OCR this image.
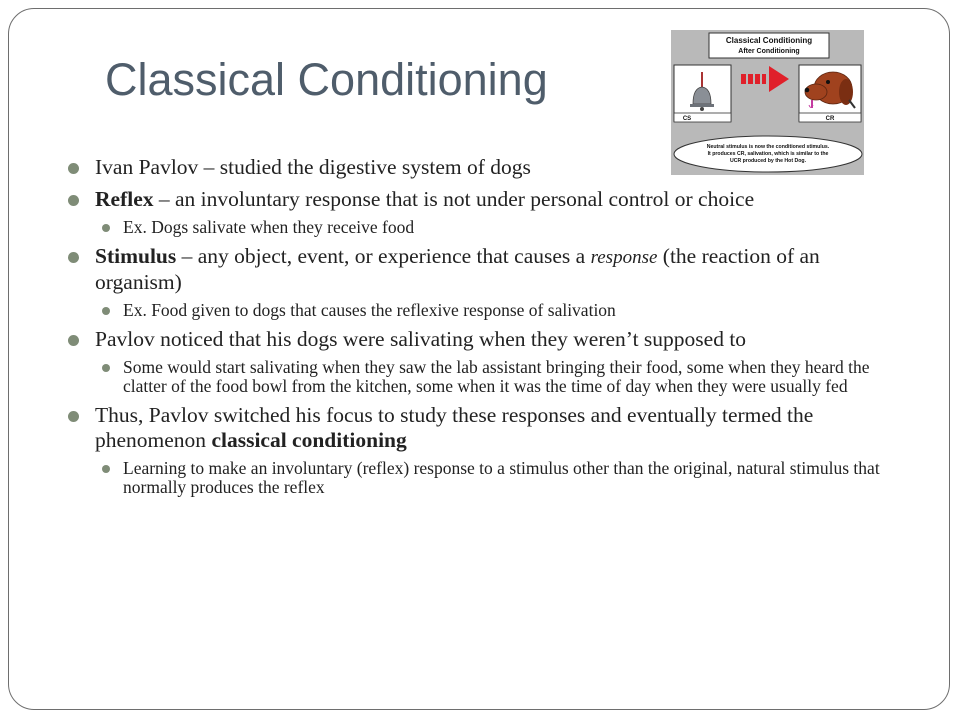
Classical Conditioning
Classical Conditioning
After Conditioning
CS	CR
Neutral stimulus is now the conditioned stimulus.
It produces CR, salivation, which is similar to the
UCR produced by the Hot Dog.
Ivan Pavlov – studied the digestive system of dogs
Reflex – an involuntary response that is not under personal control or choice
Ex. Dogs salivate when they receive food
Stimulus – any object, event, or experience that causes a response (the reaction of an organism)
Ex. Food given to dogs that causes the reflexive response of salivation
Pavlov noticed that his dogs were salivating when they weren’t supposed to
Some would start salivating when they saw the lab assistant bringing their food, some when they heard the clatter of the food bowl from the kitchen, some when it was the time of day when they were usually fed
Thus, Pavlov switched his focus to study these responses and eventually termed the phenomenon classical conditioning
Learning to make an involuntary (reflex) response to a stimulus other than the original, natural stimulus that normally produces the reflex
